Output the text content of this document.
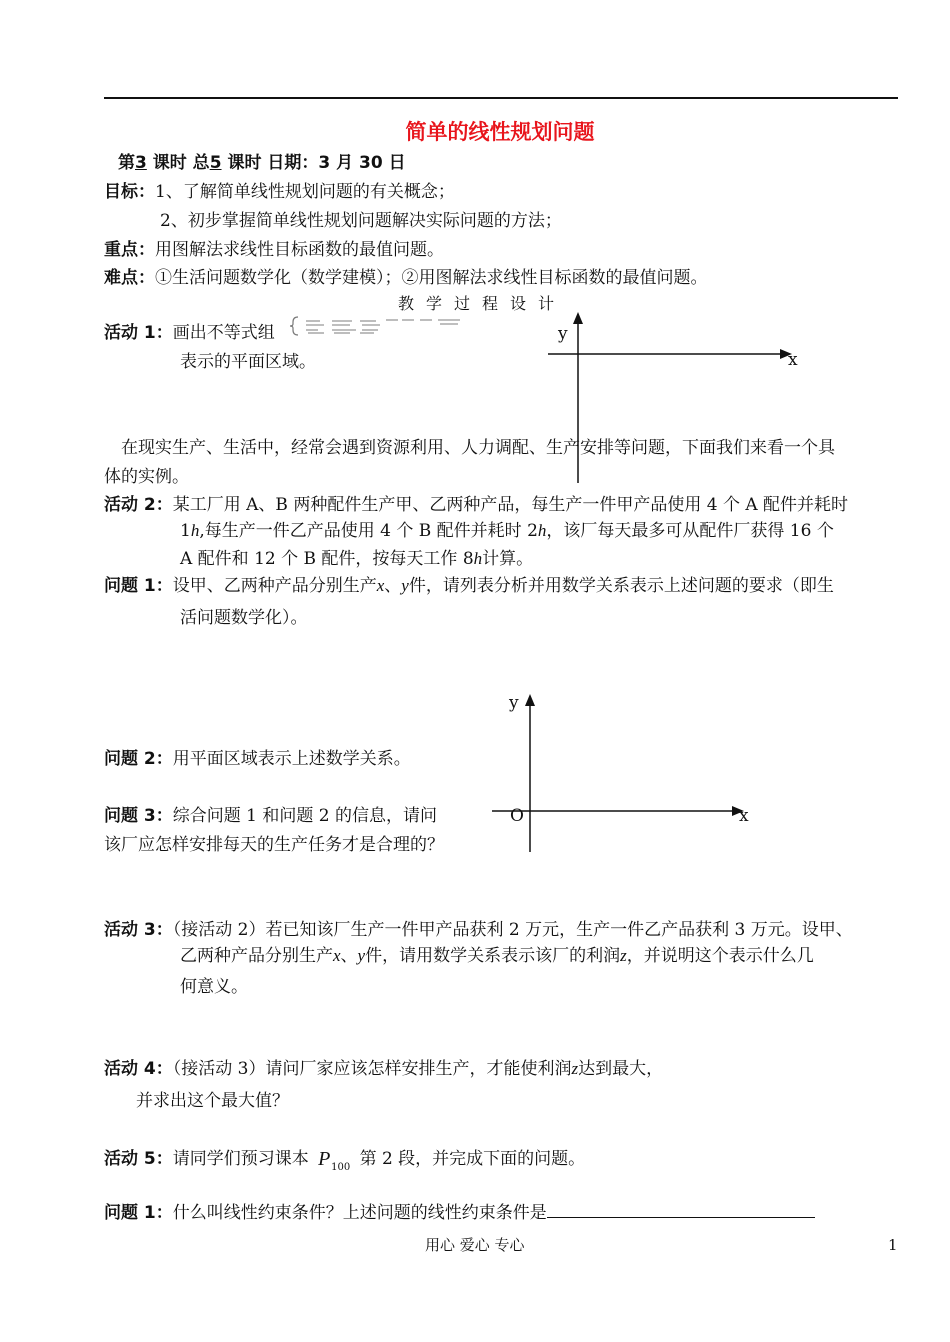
简单的线性规划问题
第3 课时 总5 课时 日期：3 月 30 日
目标：1、了解简单线性规划问题的有关概念；
2、初步掌握简单线性规划问题解决实际问题的方法；
重点：用图解法求线性目标函数的最值问题。
难点：①生活问题数学化（数学建模）；②用图解法求线性目标函数的最值问题。
教学过程设计
活动 1：画出不等式组
表示的平面区域。
y
x
在现实生产、生活中，经常会遇到资源利用、人力调配、生产安排等问题，下面我们来看一个具
体的实例。
活动 2：某工厂用 A、B 两种配件生产甲、乙两种产品，每生产一件甲产品使用 4 个 A 配件并耗时
1h,每生产一件乙产品使用 4 个 B 配件并耗时 2h，该厂每天最多可从配件厂获得 16 个
A 配件和 12 个 B 配件，按每天工作 8h计算。
问题 1：设甲、乙两种产品分别生产x、y件，请列表分析并用数学关系表示上述问题的要求（即生
活问题数学化）。
y
O	x
问题 2：用平面区域表示上述数学关系。
问题 3：综合问题 1 和问题 2 的信息，请问
该厂应怎样安排每天的生产任务才是合理的？
活动 3：（接活动 2）若已知该厂生产一件甲产品获利 2 万元，生产一件乙产品获利 3 万元。设甲、
乙两种产品分别生产x、y件，请用数学关系表示该厂的利润z，并说明这个表示什么几
何意义。
活动 4：（接活动 3）请问厂家应该怎样安排生产，才能使利润z达到最大，
并求出这个最大值？
活动 5：请同学们预习课本 P 100 第 2 段，并完成下面的问题。
问题 1：什么叫线性约束条件？上述问题的线性约束条件是
用心 爱心 专心	1
